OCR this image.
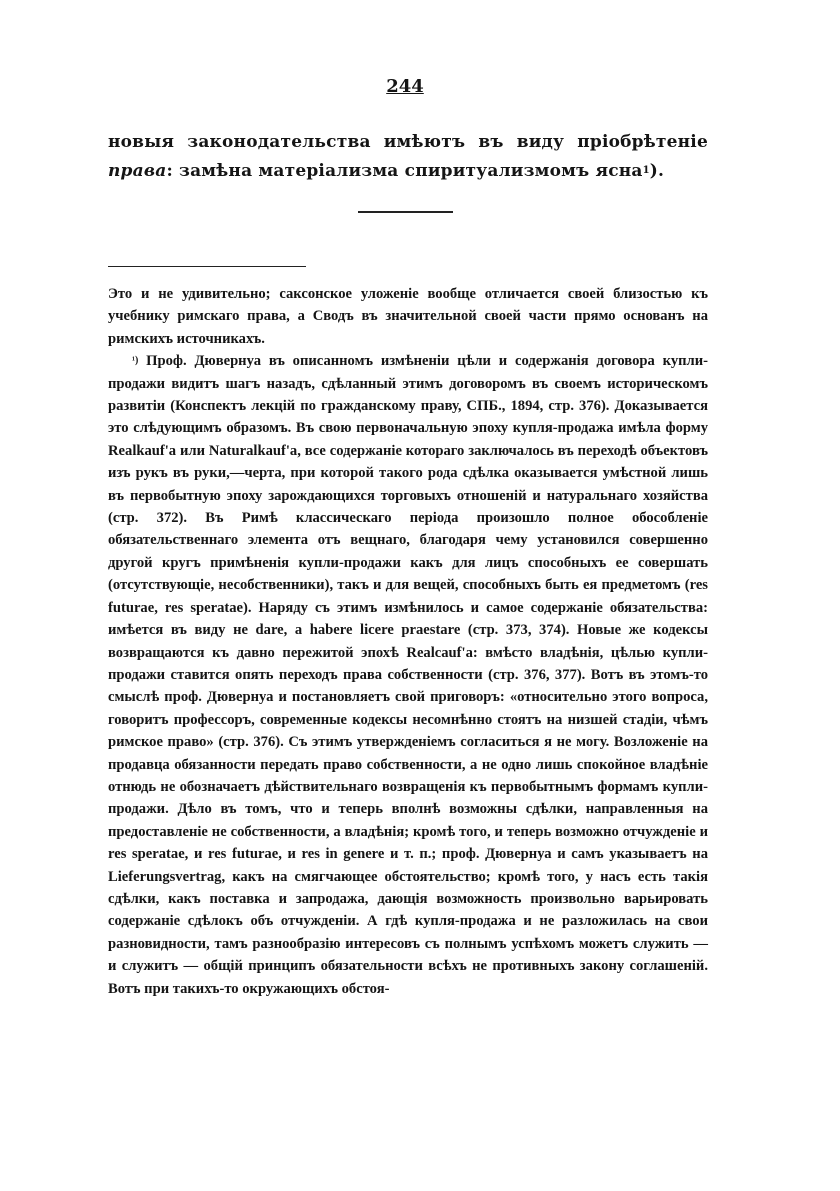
244

новыя законодательства имѣютъ въ виду пріобрѣтеніе права: замѣна матеріализма спиритуализмомъ ясна$^1$).

Это и не удивительно; саксонское уложеніе вообще отличается своей близостью къ учебнику римскаго права, а Сводъ въ значительной своей части прямо основанъ на римскихъ источникахъ.

$^{^1)}$ Проф. Дювернуа въ описанномъ измѣненіи цѣли и содержанія договора купли-продажи видитъ шагъ назадъ, сдѣланный этимъ договоромъ въ своемъ историческомъ развитіи (Конспектъ лекцій по гражданскому праву, СПБ., 1894, стр. 376). Доказывается это слѣдующимъ образомъ. Въ свою первоначальную эпоху купля-продажа имѣла форму Realkauf'а или Naturalkauf'а, все содержаніе котораго заключалось въ переходѣ объектовъ изъ рукъ въ руки,—черта, при которой такого рода сдѣлка оказывается умѣстной лишь въ первобытную эпоху зарождающихся торговыхъ отношеній и натуральнаго хозяйства (стр. 372). Въ Римѣ классическаго періода произошло полное обособленіе обязательственнаго элемента отъ вещнаго, благодаря чему установился совершенно другой кругъ примѣненія купли-продажи какъ для лицъ способныхъ ее совершать (отсутствующіе, несобственники), такъ и для вещей, способныхъ быть ея предметомъ (res futurae, res speratae). Наряду съ этимъ измѣнилось и самое содержаніе обязательства: имѣется въ виду не dare, а habere licere praestare (стр. 373, 374). Новые же кодексы возвращаются къ давно пережитой эпохѣ Realcauf'а: вмѣсто владѣнія, цѣлью купли-продажи ставится опять переходъ права собственности (стр. 376, 377). Вотъ въ этомъ-то смыслѣ проф. Дювернуа и постановляетъ свой приговоръ: «относительно этого вопроса, говоритъ профессоръ, современные кодексы несомнѣнно стоятъ на низшей стадіи, чѣмъ римское право» (стр. 376). Съ этимъ утвержденіемъ согласиться я не могу. Возложеніе на продавца обязанности передать право собственности, а не одно лишь спокойное владѣніе отнюдь не обозначаетъ дѣйствительнаго возвращенія къ первобытнымъ формамъ купли-продажи. Дѣло въ томъ, что и теперь вполнѣ возможны сдѣлки, направленныя на предоставленіе не собственности, а владѣнія; кромѣ того, и теперь возможно отчужденіе и res speratae, и res futurae, и res in genere и т. п.; проф. Дювернуа и самъ указываетъ на Lieferungsvertrag, какъ на смягчающее обстоятельство; кромѣ того, у насъ есть такія сдѣлки, какъ поставка и запродажа, дающія возможность произвольно варьировать содержаніе сдѣлокъ объ отчужденіи. А гдѣ купля-продажа и не разложилась на свои разновидности, тамъ разнообразію интересовъ съ полнымъ успѣхомъ можетъ служить — и служитъ — общій принципъ обязательности всѣхъ не противныхъ закону соглашеній. Вотъ при такихъ-то окружающихъ обстоя-
